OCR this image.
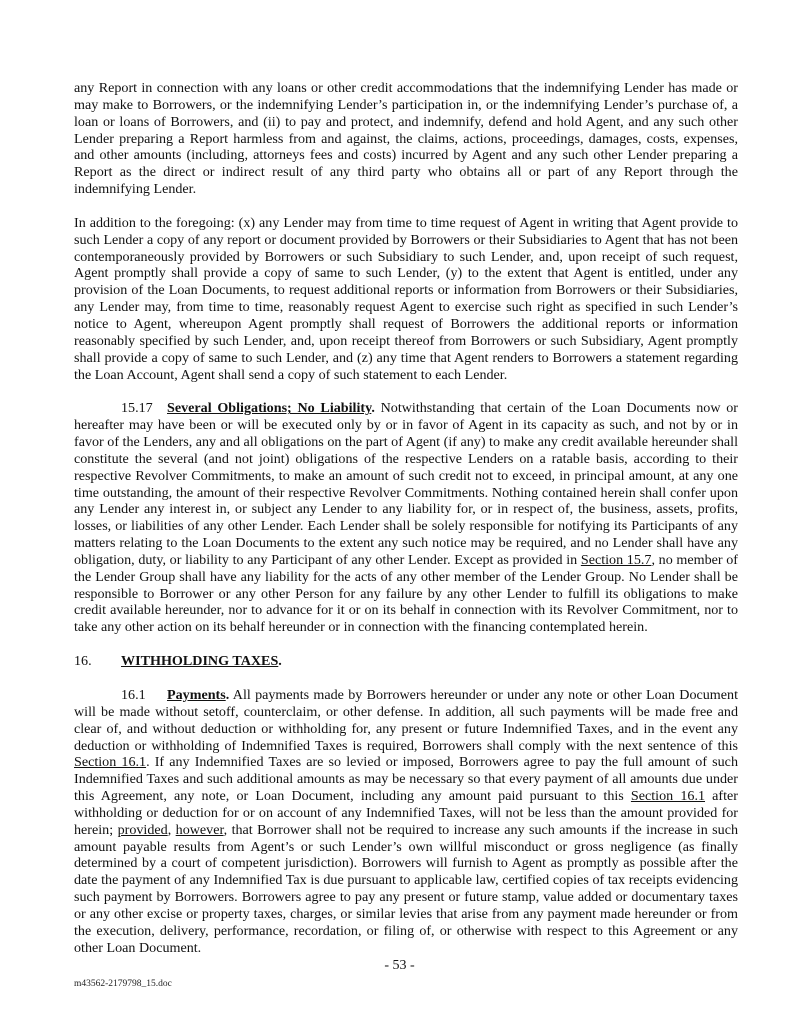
any Report in connection with any loans or other credit accommodations that the indemnifying Lender has made or may make to Borrowers, or the indemnifying Lender’s participation in, or the indemnifying Lender’s purchase of, a loan or loans of Borrowers, and (ii) to pay and protect, and indemnify, defend and hold Agent, and any such other Lender preparing a Report harmless from and against, the claims, actions, proceedings, damages, costs, expenses, and other amounts (including, attorneys fees and costs) incurred by Agent and any such other Lender preparing a Report as the direct or indirect result of any third party who obtains all or part of any Report through the indemnifying Lender.

In addition to the foregoing: (x) any Lender may from time to time request of Agent in writing that Agent provide to such Lender a copy of any report or document provided by Borrowers or their Subsidiaries to Agent that has not been contemporaneously provided by Borrowers or such Subsidiary to such Lender, and, upon receipt of such request, Agent promptly shall provide a copy of same to such Lender, (y) to the extent that Agent is entitled, under any provision of the Loan Documents, to request additional reports or information from Borrowers or their Subsidiaries, any Lender may, from time to time, reasonably request Agent to exercise such right as specified in such Lender’s notice to Agent, whereupon Agent promptly shall request of Borrowers the additional reports or information reasonably specified by such Lender, and, upon receipt thereof from Borrowers or such Subsidiary, Agent promptly shall provide a copy of same to such Lender, and (z) any time that Agent renders to Borrowers a statement regarding the Loan Account, Agent shall send a copy of such statement to each Lender.

15.17 Several Obligations; No Liability. Notwithstanding that certain of the Loan Documents now or hereafter may have been or will be executed only by or in favor of Agent in its capacity as such, and not by or in favor of the Lenders, any and all obligations on the part of Agent (if any) to make any credit available hereunder shall constitute the several (and not joint) obligations of the respective Lenders on a ratable basis, according to their respective Revolver Commitments, to make an amount of such credit not to exceed, in principal amount, at any one time outstanding, the amount of their respective Revolver Commitments. Nothing contained herein shall confer upon any Lender any interest in, or subject any Lender to any liability for, or in respect of, the business, assets, profits, losses, or liabilities of any other Lender. Each Lender shall be solely responsible for notifying its Participants of any matters relating to the Loan Documents to the extent any such notice may be required, and no Lender shall have any obligation, duty, or liability to any Participant of any other Lender. Except as provided in Section 15.7, no member of the Lender Group shall have any liability for the acts of any other member of the Lender Group. No Lender shall be responsible to Borrower or any other Person for any failure by any other Lender to fulfill its obligations to make credit available hereunder, nor to advance for it or on its behalf in connection with its Revolver Commitment, nor to take any other action on its behalf hereunder or in connection with the financing contemplated herein.

16. WITHHOLDING TAXES.

16.1 Payments. All payments made by Borrowers hereunder or under any note or other Loan Document will be made without setoff, counterclaim, or other defense. In addition, all such payments will be made free and clear of, and without deduction or withholding for, any present or future Indemnified Taxes, and in the event any deduction or withholding of Indemnified Taxes is required, Borrowers shall comply with the next sentence of this Section 16.1. If any Indemnified Taxes are so levied or imposed, Borrowers agree to pay the full amount of such Indemnified Taxes and such additional amounts as may be necessary so that every payment of all amounts due under this Agreement, any note, or Loan Document, including any amount paid pursuant to this Section 16.1 after withholding or deduction for or on account of any Indemnified Taxes, will not be less than the amount provided for herein; provided, however, that Borrower shall not be required to increase any such amounts if the increase in such amount payable results from Agent’s or such Lender’s own willful misconduct or gross negligence (as finally determined by a court of competent jurisdiction). Borrowers will furnish to Agent as promptly as possible after the date the payment of any Indemnified Tax is due pursuant to applicable law, certified copies of tax receipts evidencing such payment by Borrowers. Borrowers agree to pay any present or future stamp, value added or documentary taxes or any other excise or property taxes, charges, or similar levies that arise from any payment made hereunder or from the execution, delivery, performance, recordation, or filing of, or otherwise with respect to this Agreement or any other Loan Document.

- 53 -
m43562-2179798_15.doc
